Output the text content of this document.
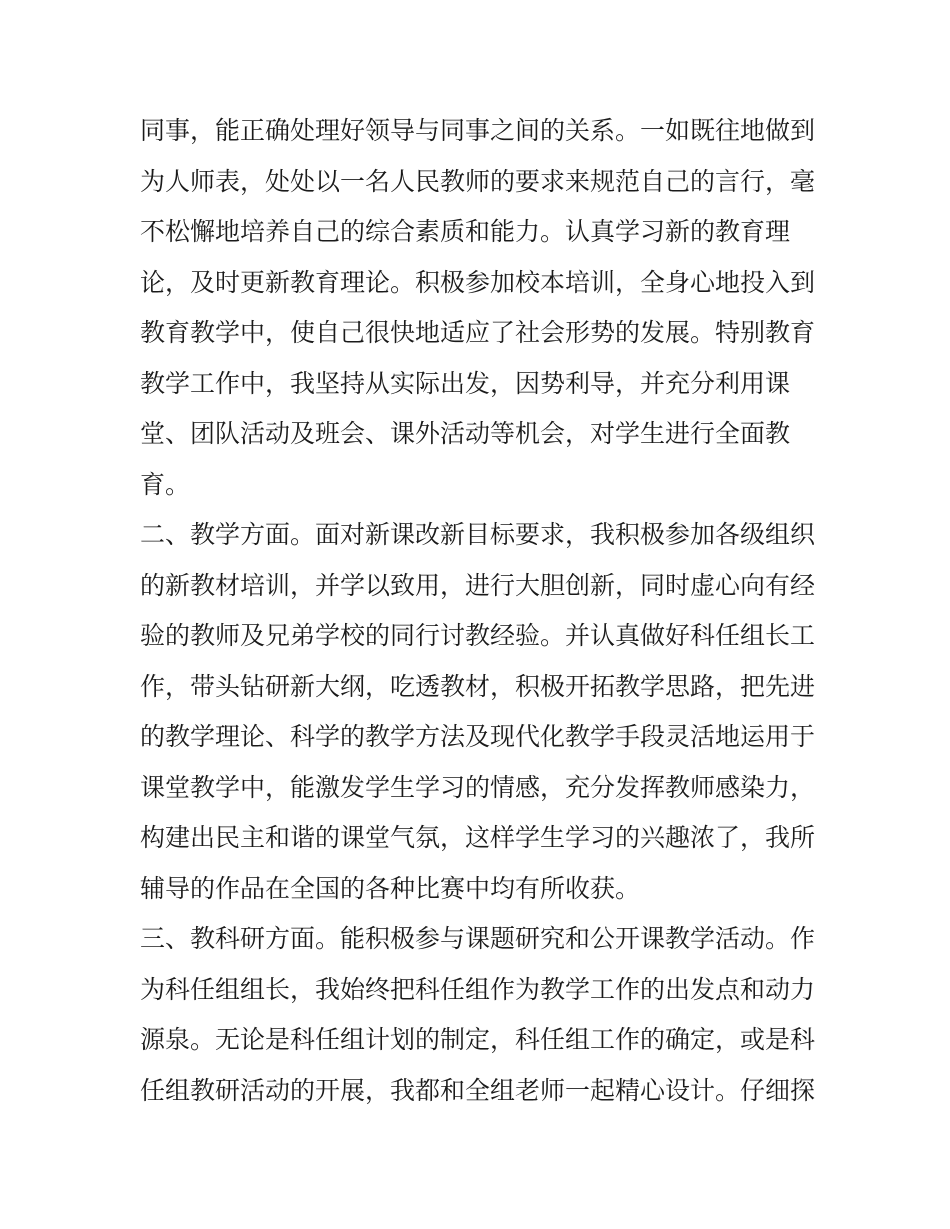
同事，能正确处理好领导与同事之间的关系。一如既往地做到
为人师表，处处以一名人民教师的要求来规范自己的言行，毫
不松懈地培养自己的综合素质和能力。认真学习新的教育理
论，及时更新教育理论。积极参加校本培训，全身心地投入到
教育教学中，使自己很快地适应了社会形势的发展。特别教育
教学工作中，我坚持从实际出发，因势利导，并充分利用课
堂、团队活动及班会、课外活动等机会，对学生进行全面教
育。
二、教学方面。面对新课改新目标要求，我积极参加各级组织
的新教材培训，并学以致用，进行大胆创新，同时虚心向有经
验的教师及兄弟学校的同行讨教经验。并认真做好科任组长工
作，带头钻研新大纲，吃透教材，积极开拓教学思路，把先进
的教学理论、科学的教学方法及现代化教学手段灵活地运用于
课堂教学中，能激发学生学习的情感，充分发挥教师感染力，
构建出民主和谐的课堂气氛，这样学生学习的兴趣浓了，我所
辅导的作品在全国的各种比赛中均有所收获。
三、教科研方面。能积极参与课题研究和公开课教学活动。作
为科任组组长，我始终把科任组作为教学工作的出发点和动力
源泉。无论是科任组计划的制定，科任组工作的确定，或是科
任组教研活动的开展，我都和全组老师一起精心设计。仔细探
